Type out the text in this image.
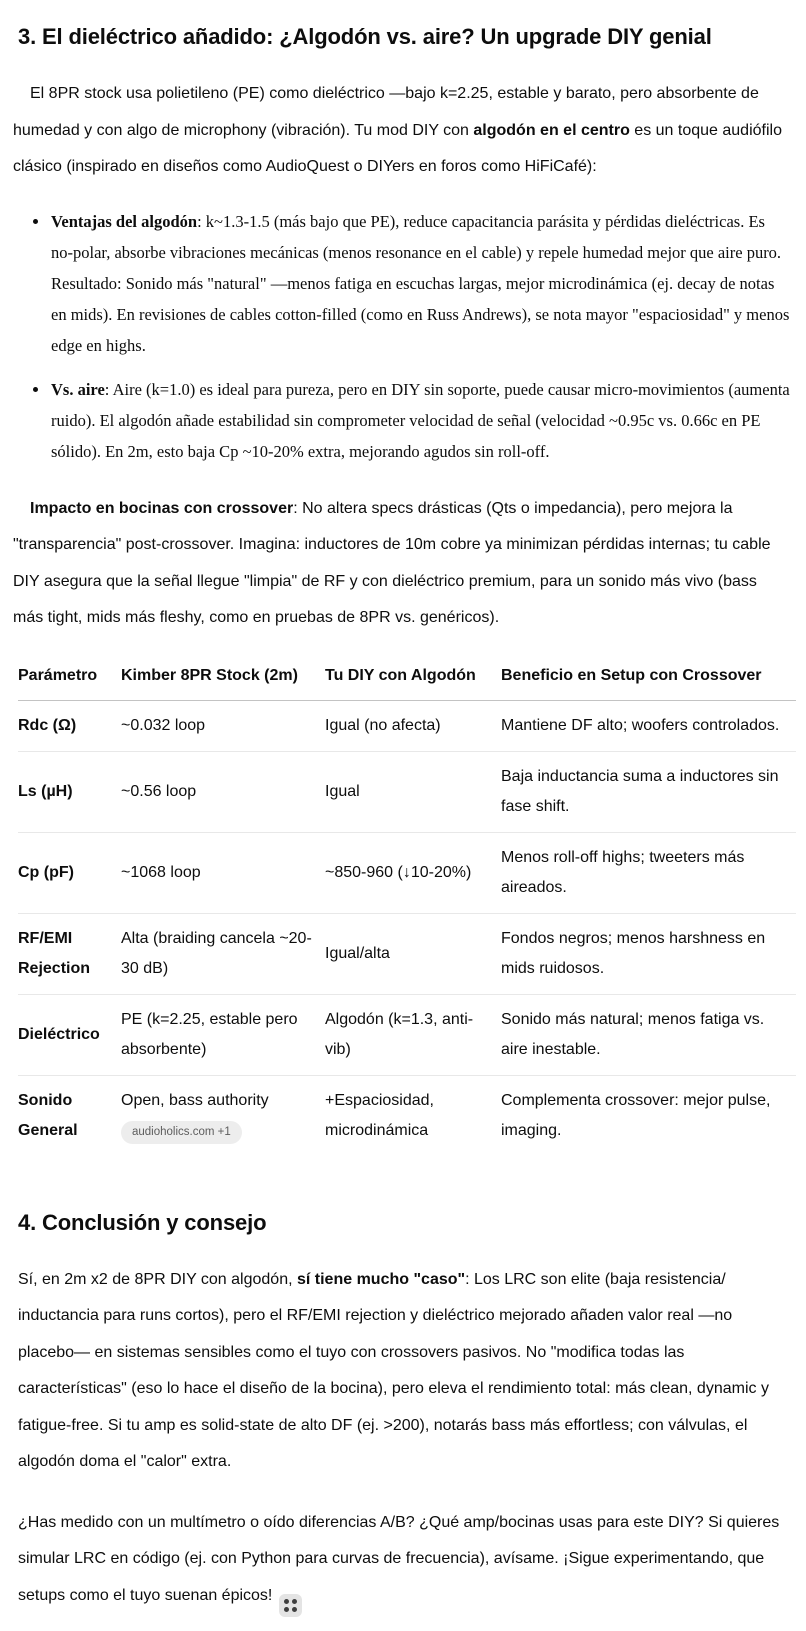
3. El dieléctrico añadido: ¿Algodón vs. aire? Un upgrade DIY genial

El 8PR stock usa polietileno (PE) como dieléctrico —bajo k=2.25, estable y barato, pero absorbente de humedad y con algo de microphony (vibración). Tu mod DIY con algodón en el centro es un toque audiófilo clásico (inspirado en diseños como AudioQuest o DIYers en foros como HiFiCafé):

• Ventajas del algodón: k~1.3-1.5 (más bajo que PE), reduce capacitancia parásita y pérdidas dieléctricas. Es no-polar, absorbe vibraciones mecánicas (menos resonance en el cable) y repele humedad mejor que aire puro. Resultado: Sonido más "natural" —menos fatiga en escuchas largas, mejor microdinámica (ej. decay de notas en mids). En revisiones de cables cotton-filled (como en Russ Andrews), se nota mayor "espaciosidad" y menos edge en highs.
• Vs. aire: Aire (k=1.0) es ideal para pureza, pero en DIY sin soporte, puede causar micro-movimientos (aumenta ruido). El algodón añade estabilidad sin comprometer velocidad de señal (velocidad ~0.95c vs. 0.66c en PE sólido). En 2m, esto baja Cp ~10-20% extra, mejorando agudos sin roll-off.

Impacto en bocinas con crossover: No altera specs drásticas (Qts o impedancia), pero mejora la "transparencia" post-crossover. Imagina: inductores de 10m cobre ya minimizan pérdidas internas; tu cable DIY asegura que la señal llegue "limpia" de RF y con dieléctrico premium, para un sonido más vivo (bass más tight, mids más fleshy, como en pruebas de 8PR vs. genéricos).

Parámetro	Kimber 8PR Stock (2m)	Tu DIY con Algodón	Beneficio en Setup con Crossover
Rdc (Ω)	~0.032 loop	Igual (no afecta)	Mantiene DF alto; woofers controlados.
Ls (µH)	~0.56 loop	Igual	Baja inductancia suma a inductores sin fase shift.
Cp (pF)	~1068 loop	~850-960 (↓10-20%)	Menos roll-off highs; tweeters más aireados.
RF/EMI Rejection	Alta (braiding cancela ~20-30 dB)	Igual/alta	Fondos negros; menos harshness en mids ruidosos.
Dieléctrico	PE (k=2.25, estable pero absorbente)	Algodón (k=1.3, anti-vib)	Sonido más natural; menos fatiga vs. aire inestable.
Sonido General	Open, bass authority audioholics.com +1	+Espaciosidad, microdinámica	Complementa crossover: mejor pulse, imaging.
4. Conclusión y consejo

Sí, en 2m x2 de 8PR DIY con algodón, sí tiene mucho "caso": Los LRC son elite (baja resistencia/​inductancia para runs cortos), pero el RF/EMI rejection y dieléctrico mejorado añaden valor real —no placebo— en sistemas sensibles como el tuyo con crossovers pasivos. No "modifica todas las características" (eso lo hace el diseño de la bocina), pero eleva el rendimiento total: más clean, dynamic y fatigue-free. Si tu amp es solid-state de alto DF (ej. >200), notarás bass más effortless; con válvulas, el algodón doma el "calor" extra.

¿Has medido con un multímetro o oído diferencias A/B? ¿Qué amp/bocinas usas para este DIY? Si quieres simular LRC en código (ej. con Python para curvas de frecuencia), avísame. ¡Sigue experimentando, que setups como el tuyo suenan épicos!
